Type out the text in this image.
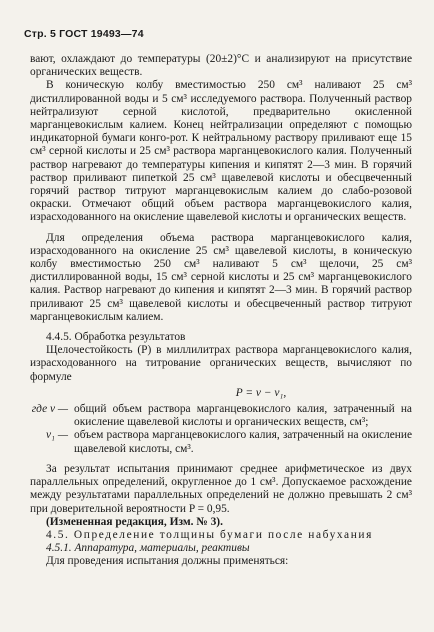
Стр. 5 ГОСТ 19493—74

вают, охлаждают до температуры (20±2)°С и анализируют на присутствие органических веществ.

В коническую колбу вместимостью 250 см³ наливают 25 см³ дистиллированной воды и 5 см³ исследуемого раствора. Полученный раствор нейтрализуют серной кислотой, предварительно окисленной марганцевокислым калием. Конец нейтрализации определяют с помощью индикаторной бумаги конго-рот. К нейтральному раствору приливают еще 15 см³ серной кислоты и 25 см³ раствора марганцевокислого калия. Полученный раствор нагревают до температуры кипения и кипятят 2—3 мин. В горячий раствор приливают пипеткой 25 см³ щавелевой кислоты и обесцвеченный горячий раствор титруют марганцевокислым калием до слабо-розовой окраски. Отмечают общий объем раствора марганцевокислого калия, израсходованного на окисление щавелевой кислоты и органических веществ.

Для определения объема раствора марганцевокислого калия, израсходованного на окисление 25 см³ щавелевой кислоты, в коническую колбу вместимостью 250 см³ наливают 5 см³ щелочи, 25 см³ дистиллированной воды, 15 см³ серной кислоты и 25 см³ марганцевокислого калия. Раствор нагревают до кипения и кипятят 2—3 мин. В горячий раствор приливают 25 см³ щавелевой кислоты и обесцвеченный раствор титруют марганцевокислым калием.

4.4.5. Обработка результатов

Щелочестойкость (P) в миллилитрах раствора марганцевокислого калия, израсходованного на титрование органических веществ, вычисляют по формуле

P = v − v₁,

где v — общий объем раствора марганцевокислого калия, затраченный на окисление щавелевой кислоты и органических веществ, см³;
v₁ — объем раствора марганцевокислого калия, затраченный на окисление щавелевой кислоты, см³.

За результат испытания принимают среднее арифметическое из двух параллельных определений, округленное до 1 см³. Допускаемое расхождение между результатами параллельных определений не должно превышать 2 см³ при доверительной вероятности P = 0,95.

(Измененная редакция, Изм. № 3).

4.5. Определение толщины бумаги после набухания

4.5.1. Аппаратура, материалы, реактивы

Для проведения испытания должны применяться:
